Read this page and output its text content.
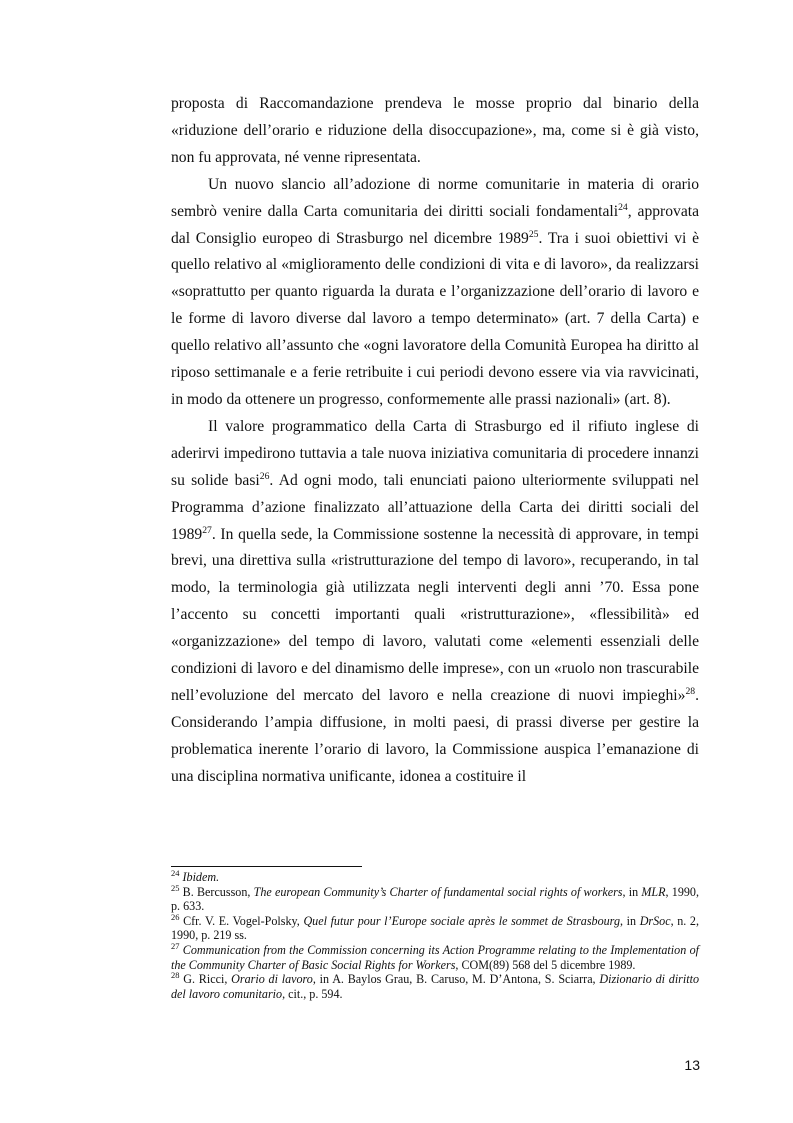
proposta di Raccomandazione prendeva le mosse proprio dal binario della «riduzione dell’orario e riduzione della disoccupazione», ma, come si è già visto, non fu approvata, né venne ripresentata.

Un nuovo slancio all’adozione di norme comunitarie in materia di orario sembrò venire dalla Carta comunitaria dei diritti sociali fondamentali$^{24}$, approvata dal Consiglio europeo di Strasburgo nel dicembre 1989$^{25}$. Tra i suoi obiettivi vi è quello relativo al «miglioramento delle condizioni di vita e di lavoro», da realizzarsi «soprattutto per quanto riguarda la durata e l’organizzazione dell’orario di lavoro e le forme di lavoro diverse dal lavoro a tempo determinato» (art. 7 della Carta) e quello relativo all’assunto che «ogni lavoratore della Comunità Europea ha diritto al riposo settimanale e a ferie retribuite i cui periodi devono essere via via ravvicinati, in modo da ottenere un progresso, conformemente alle prassi nazionali» (art. 8).

Il valore programmatico della Carta di Strasburgo ed il rifiuto inglese di aderirvi impedirono tuttavia a tale nuova iniziativa comunitaria di procedere innanzi su solide basi$^{26}$. Ad ogni modo, tali enunciati paiono ulteriormente sviluppati nel Programma d’azione finalizzato all’attuazione della Carta dei diritti sociali del 1989$^{27}$. In quella sede, la Commissione sostenne la necessità di approvare, in tempi brevi, una direttiva sulla «ristrutturazione del tempo di lavoro», recuperando, in tal modo, la terminologia già utilizzata negli interventi degli anni ’70. Essa pone l’accento su concetti importanti quali «ristrutturazione», «flessibilità» ed «organizzazione» del tempo di lavoro, valutati come «elementi essenziali delle condizioni di lavoro e del dinamismo delle imprese», con un «ruolo non trascurabile nell’evoluzione del mercato del lavoro e nella creazione di nuovi impieghi»$^{28}$. Considerando l’ampia diffusione, in molti paesi, di prassi diverse per gestire la problematica inerente l’orario di lavoro, la Commissione auspica l’emanazione di una disciplina normativa unificante, idonea a costituire il

$^{24}$ Ibidem.

$^{25}$ B. Bercusson, The european Community’s Charter of fundamental social rights of workers, in MLR, 1990, p. 633.

$^{26}$ Cfr. V. E. Vogel-Polsky, Quel futur pour l’Europe sociale après le sommet de Strasbourg, in DrSoc, n. 2, 1990, p. 219 ss.

$^{27}$ Communication from the Commission concerning its Action Programme relating to the Implementation of the Community Charter of Basic Social Rights for Workers, COM(89) 568 del 5 dicembre 1989.

$^{28}$ G. Ricci, Orario di lavoro, in A. Baylos Grau, B. Caruso, M. D’Antona, S. Sciarra, Dizionario di diritto del lavoro comunitario, cit., p. 594.

13
